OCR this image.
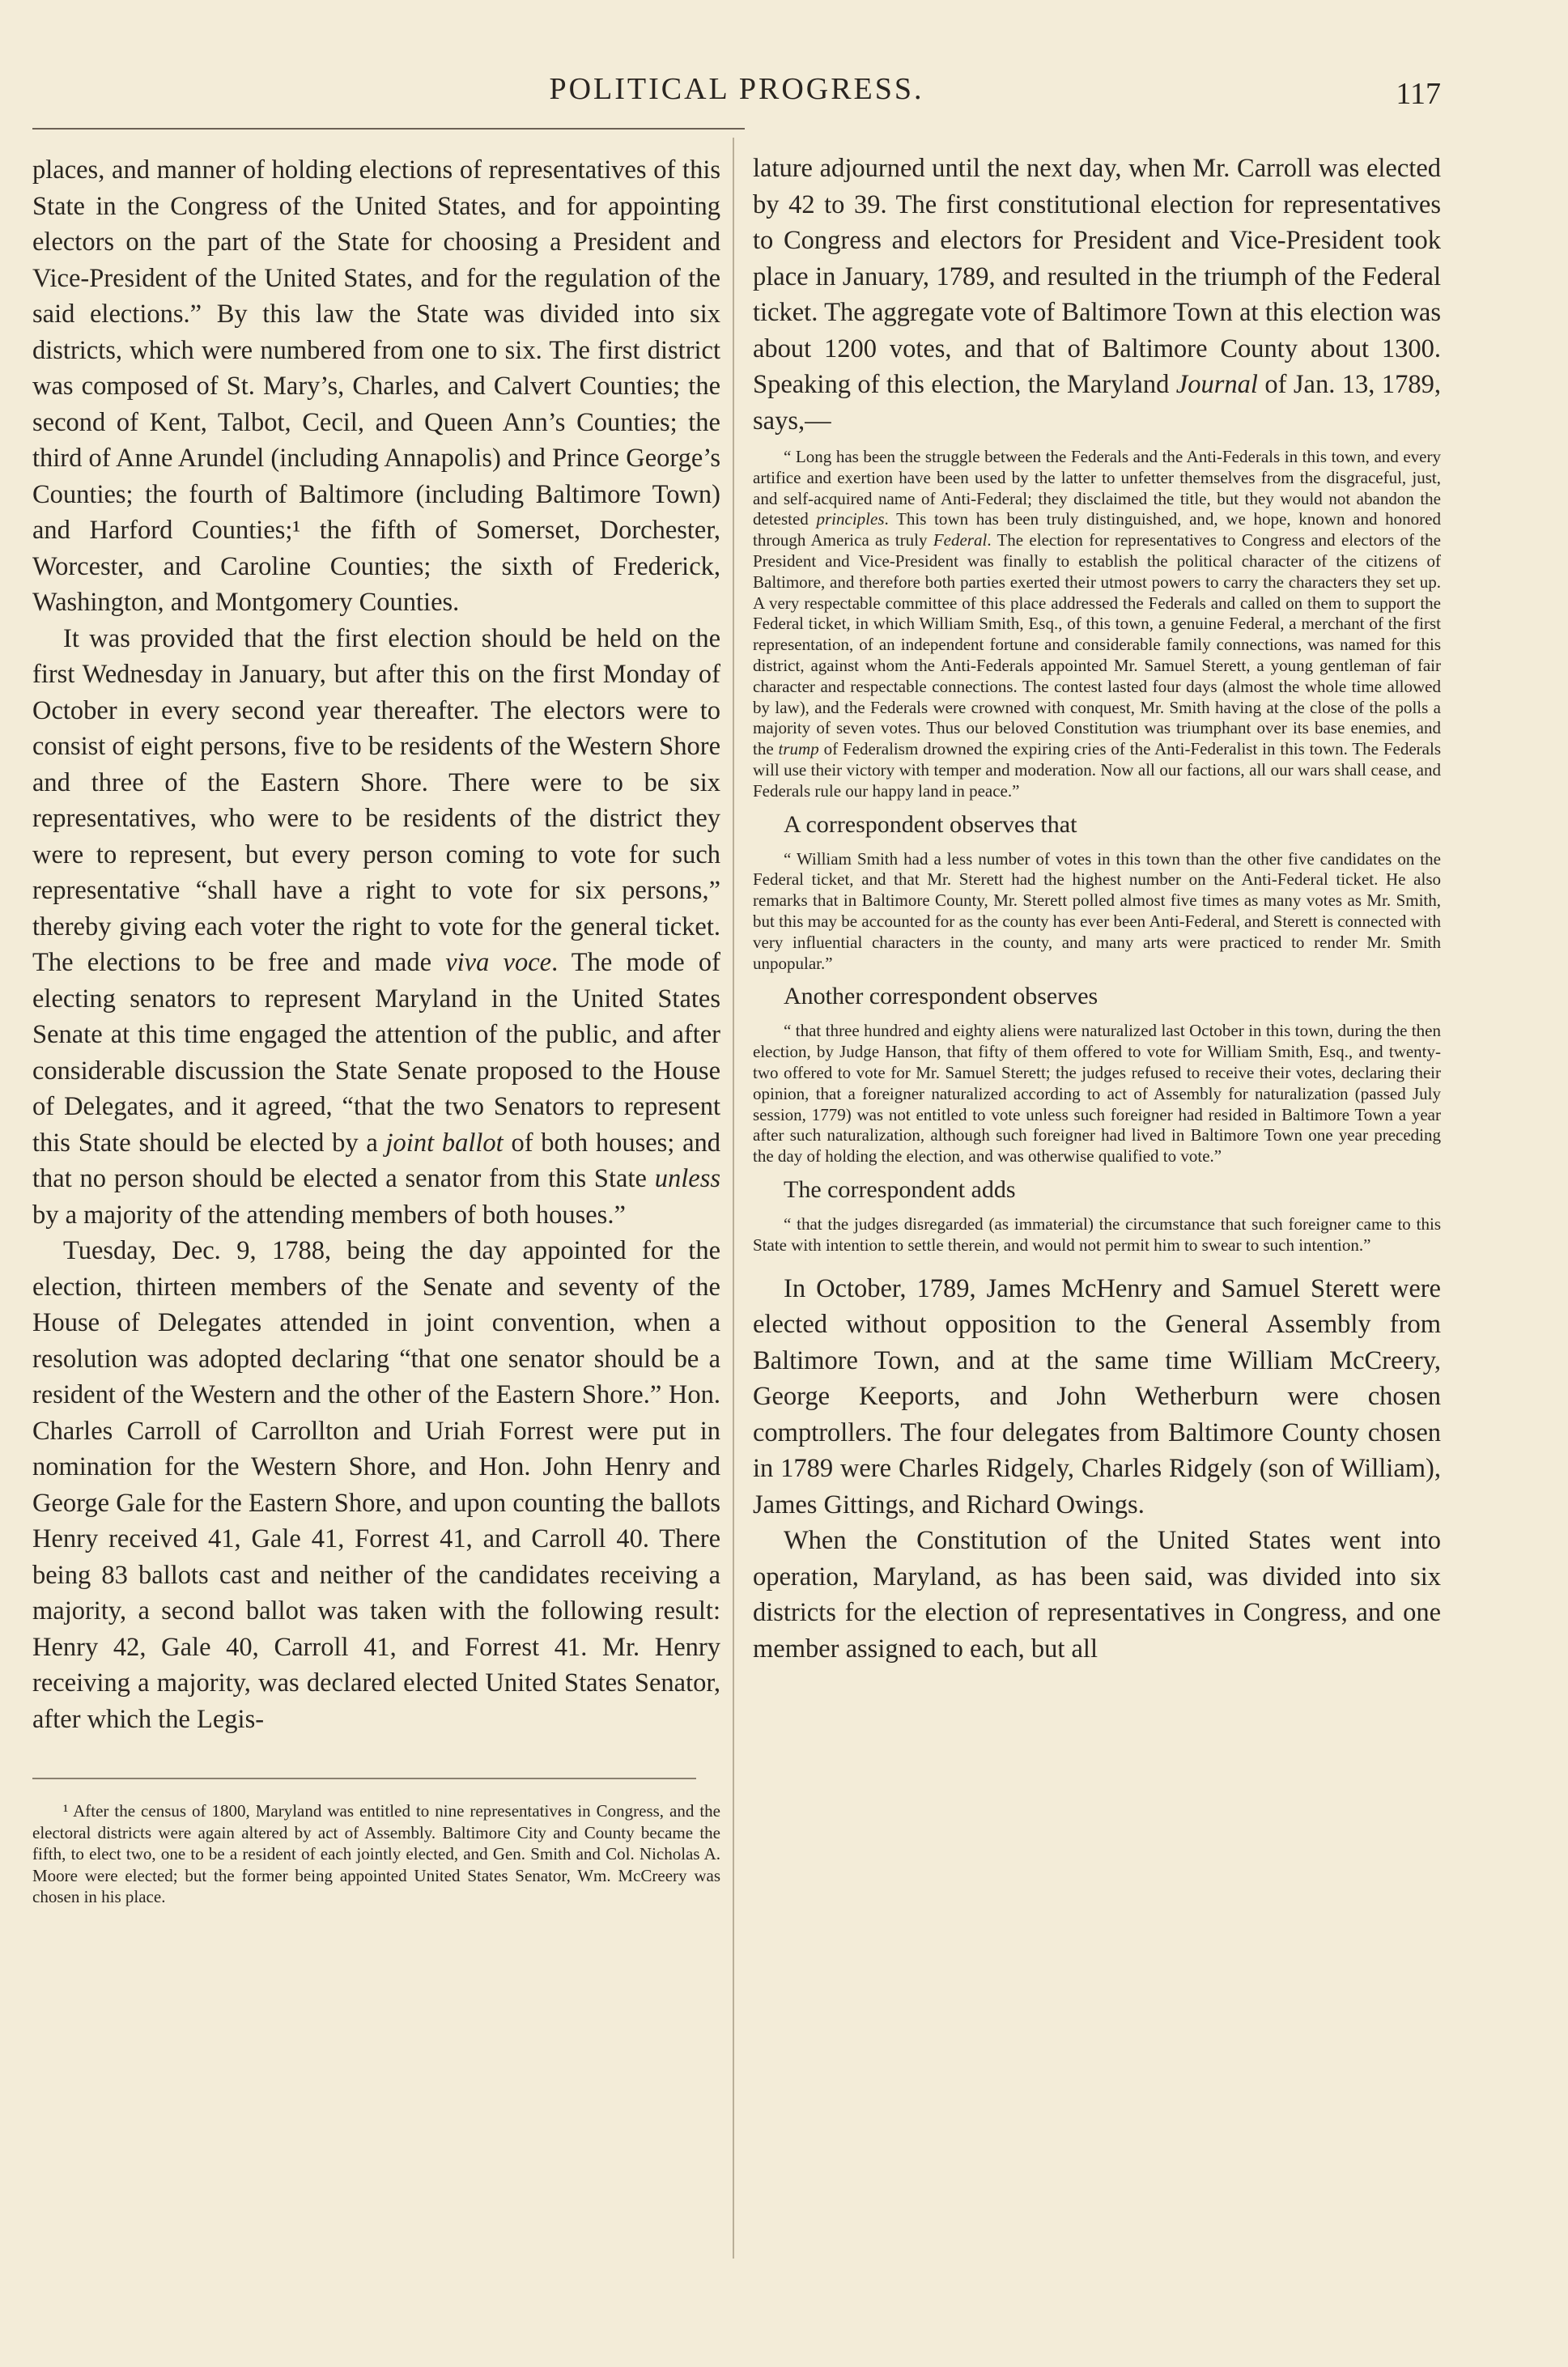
POLITICAL PROGRESS.	117

places, and manner of holding elections of representatives of this State in the Congress of the United States, and for appointing electors on the part of the State for choosing a President and Vice-President of the United States, and for the regulation of the said elections.” By this law the State was divided into six districts, which were numbered from one to six. The first district was composed of St. Mary’s, Charles, and Calvert Counties; the second of Kent, Talbot, Cecil, and Queen Ann’s Counties; the third of Anne Arundel (including Annapolis) and Prince George’s Counties; the fourth of Baltimore (including Baltimore Town) and Harford Counties;¹ the fifth of Somerset, Dorchester, Worcester, and Caroline Counties; the sixth of Frederick, Washington, and Montgomery Counties.

It was provided that the first election should be held on the first Wednesday in January, but after this on the first Monday of October in every second year thereafter. The electors were to consist of eight persons, five to be residents of the Western Shore and three of the Eastern Shore. There were to be six representatives, who were to be residents of the district they were to represent, but every person coming to vote for such representative “shall have a right to vote for six persons,” thereby giving each voter the right to vote for the general ticket. The elections to be free and made viva voce. The mode of electing senators to represent Maryland in the United States Senate at this time engaged the attention of the public, and after considerable discussion the State Senate proposed to the House of Delegates, and it agreed, “that the two Senators to represent this State should be elected by a joint ballot of both houses; and that no person should be elected a senator from this State unless by a majority of the attending members of both houses.”

Tuesday, Dec. 9, 1788, being the day appointed for the election, thirteen members of the Senate and seventy of the House of Delegates attended in joint convention, when a resolution was adopted declaring “that one senator should be a resident of the Western and the other of the Eastern Shore.” Hon. Charles Carroll of Carrollton and Uriah Forrest were put in nomination for the Western Shore, and Hon. John Henry and George Gale for the Eastern Shore, and upon counting the ballots Henry received 41, Gale 41, Forrest 41, and Carroll 40. There being 83 ballots cast and neither of the candidates receiving a majority, a second ballot was taken with the following result: Henry 42, Gale 40, Carroll 41, and Forrest 41. Mr. Henry receiving a majority, was declared elected United States Senator, after which the Legis-

¹ After the census of 1800, Maryland was entitled to nine representatives in Congress, and the electoral districts were again altered by act of Assembly. Baltimore City and County became the fifth, to elect two, one to be a resident of each jointly elected, and Gen. Smith and Col. Nicholas A. Moore were elected; but the former being appointed United States Senator, Wm. McCreery was chosen in his place.

lature adjourned until the next day, when Mr. Carroll was elected by 42 to 39. The first constitutional election for representatives to Congress and electors for President and Vice-President took place in January, 1789, and resulted in the triumph of the Federal ticket. The aggregate vote of Baltimore Town at this election was about 1200 votes, and that of Baltimore County about 1300. Speaking of this election, the Maryland Journal of Jan. 13, 1789, says,—

“ Long has been the struggle between the Federals and the Anti-Federals in this town, and every artifice and exertion have been used by the latter to unfetter themselves from the disgraceful, just, and self-acquired name of Anti-Federal; they disclaimed the title, but they would not abandon the detested principles. This town has been truly distinguished, and, we hope, known and honored through America as truly Federal. The election for representatives to Congress and electors of the President and Vice-President was finally to establish the political character of the citizens of Baltimore, and therefore both parties exerted their utmost powers to carry the characters they set up. A very respectable committee of this place addressed the Federals and called on them to support the Federal ticket, in which William Smith, Esq., of this town, a genuine Federal, a merchant of the first representation, of an independent fortune and considerable family connections, was named for this district, against whom the Anti-Federals appointed Mr. Samuel Sterett, a young gentleman of fair character and respectable connections. The contest lasted four days (almost the whole time allowed by law), and the Federals were crowned with conquest, Mr. Smith having at the close of the polls a majority of seven votes. Thus our beloved Constitution was triumphant over its base enemies, and the trump of Federalism drowned the expiring cries of the Anti-Federalist in this town. The Federals will use their victory with temper and moderation. Now all our factions, all our wars shall cease, and Federals rule our happy land in peace.”

A correspondent observes that

“ William Smith had a less number of votes in this town than the other five candidates on the Federal ticket, and that Mr. Sterett had the highest number on the Anti-Federal ticket. He also remarks that in Baltimore County, Mr. Sterett polled almost five times as many votes as Mr. Smith, but this may be accounted for as the county has ever been Anti-Federal, and Sterett is connected with very influential characters in the county, and many arts were practiced to render Mr. Smith unpopular.”

Another correspondent observes

“ that three hundred and eighty aliens were naturalized last October in this town, during the then election, by Judge Hanson, that fifty of them offered to vote for William Smith, Esq., and twenty-two offered to vote for Mr. Samuel Sterett; the judges refused to receive their votes, declaring their opinion, that a foreigner naturalized according to act of Assembly for naturalization (passed July session, 1779) was not entitled to vote unless such foreigner had resided in Baltimore Town a year after such naturalization, although such foreigner had lived in Baltimore Town one year preceding the day of holding the election, and was otherwise qualified to vote.”

The correspondent adds

“ that the judges disregarded (as immaterial) the circumstance that such foreigner came to this State with intention to settle therein, and would not permit him to swear to such intention.”

In October, 1789, James McHenry and Samuel Sterett were elected without opposition to the General Assembly from Baltimore Town, and at the same time William McCreery, George Keeports, and John Wetherburn were chosen comptrollers. The four delegates from Baltimore County chosen in 1789 were Charles Ridgely, Charles Ridgely (son of William), James Gittings, and Richard Owings.

When the Constitution of the United States went into operation, Maryland, as has been said, was divided into six districts for the election of representatives in Congress, and one member assigned to each, but all
